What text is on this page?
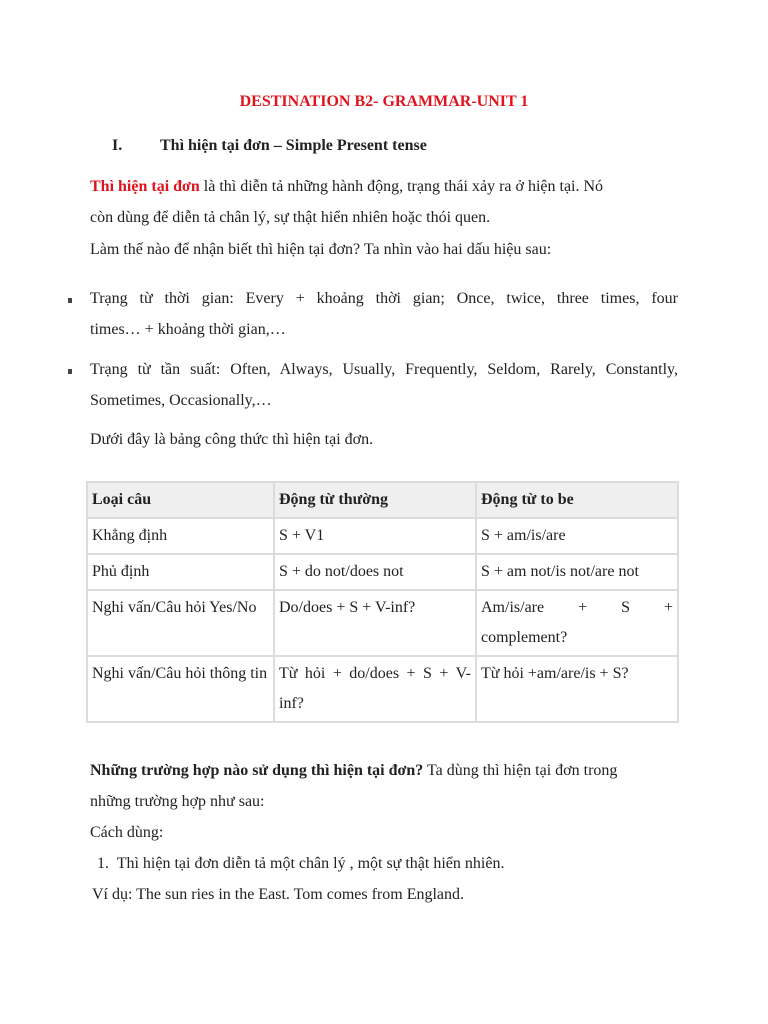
DESTINATION B2- GRAMMAR-UNIT 1
I. Thì hiện tại đơn – Simple Present tense
Thì hiện tại đơn là thì diễn tả những hành động, trạng thái xảy ra ở hiện tại. Nó
còn dùng để diễn tả chân lý, sự thật hiển nhiên hoặc thói quen.
Làm thế nào để nhận biết thì hiện tại đơn? Ta nhìn vào hai dấu hiệu sau:
Trạng từ thời gian: Every + khoảng thời gian; Once, twice, three times, four
times… + khoảng thời gian,…
Trạng từ tần suất: Often, Always, Usually, Frequently, Seldom, Rarely, Constantly,
Sometimes, Occasionally,…
Dưới đây là bảng công thức thì hiện tại đơn.
Loại câu	Động từ thường	Động từ to be
Khẳng định	S + V1	S + am/is/are
Phủ định	S + do not/does not	S + am not/is not/are not
Nghi vấn/Câu hỏi Yes/No	Do/does + S + V-inf?	Am/is/are + S + complement?
Nghi vấn/Câu hỏi thông tin	Từ hỏi + do/does + S + V-inf?	Từ hỏi +am/are/is + S?
Những trường hợp nào sử dụng thì hiện tại đơn? Ta dùng thì hiện tại đơn trong
những trường hợp như sau:
Cách dùng:
1.  Thì hiện tại đơn diễn tả một chân lý , một sự thật hiển nhiên.
Ví dụ: The sun ries in the East. Tom comes from England.
